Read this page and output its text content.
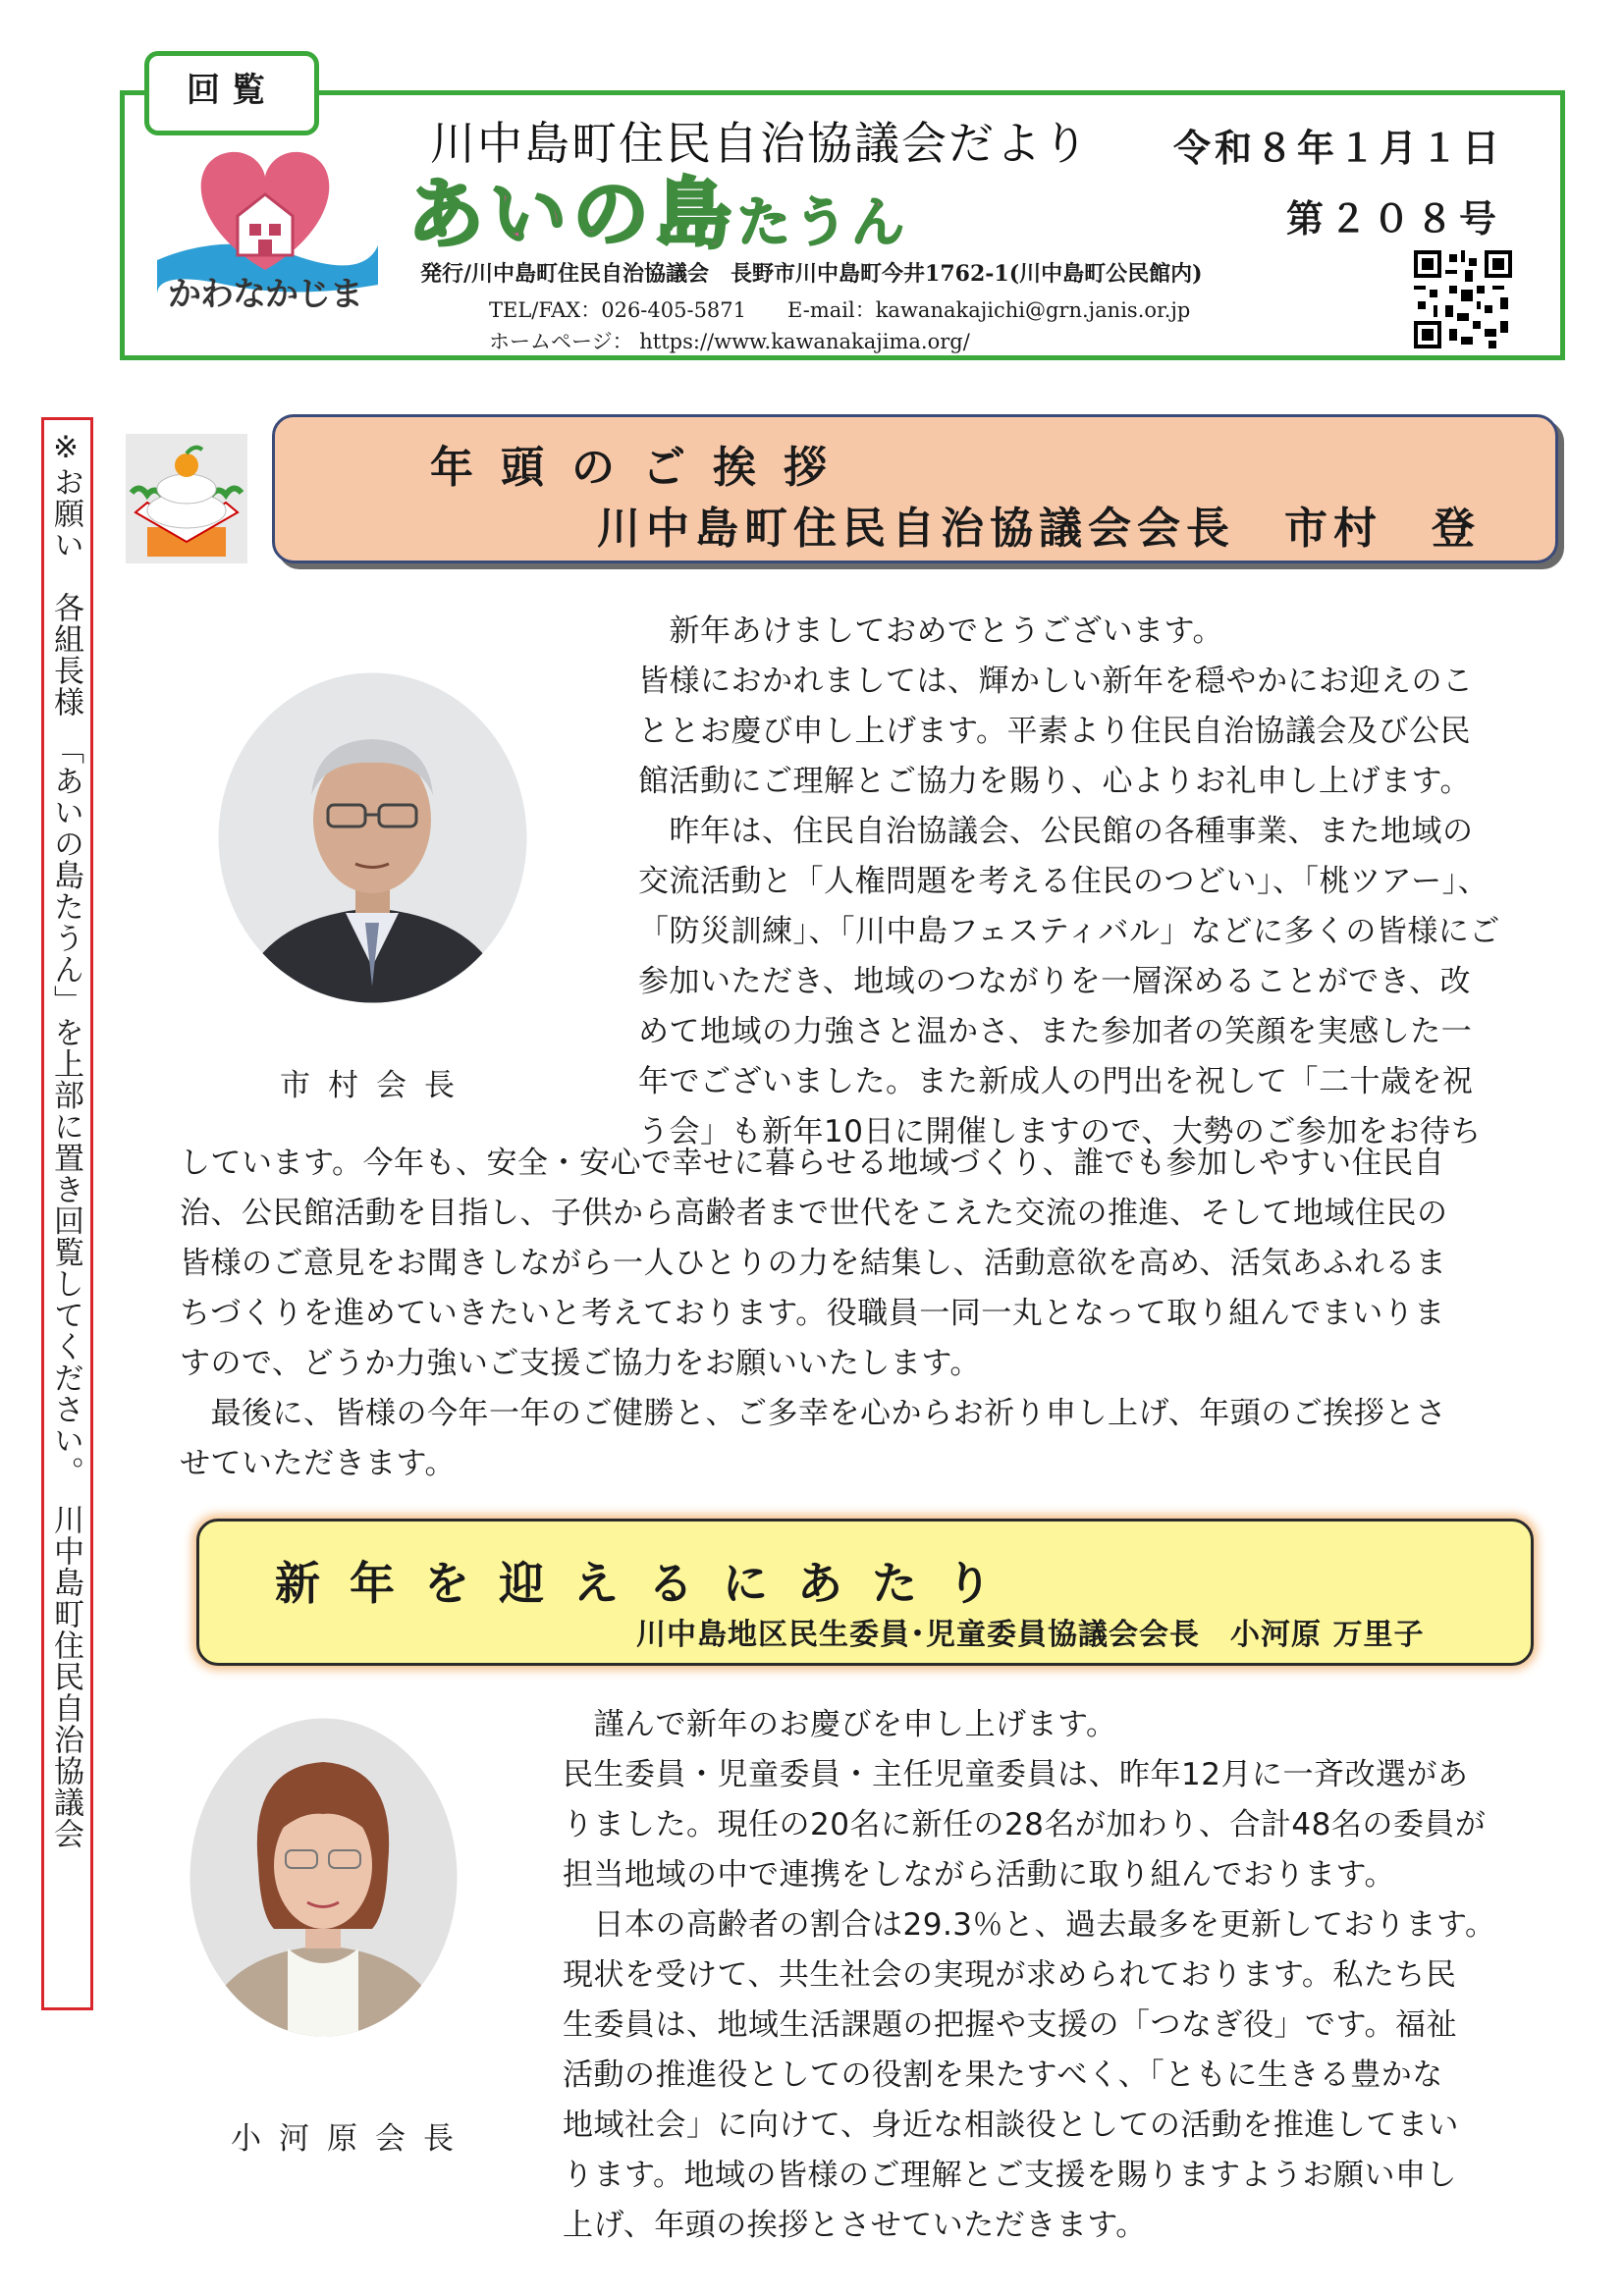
回覧
かわなかじま
川中島町住民自治協議会だより 令和８年１月１日
あいの島たうん	第２０８号
発行/川中島町住民自治協議会　長野市川中島町今井1762-1(川中島町公民館内)
TEL/FAX：026-405-5871　　E-mail：kawanakajichi@grn.janis.or.jp
ホームページ： https://www.kawanakajima.org/
※お願い　各組長様　「あいの島たうん」を上部に置き回覧してください。　川中島町住民自治協議会
年頭のご挨拶
川中島町住民自治協議会会長　市村　登
市村会長
　新年あけましておめでとうございます。
皆様におかれましては、輝かしい新年を穏やかにお迎えのこ
ととお慶び申し上げます。平素より住民自治協議会及び公民
館活動にご理解とご協力を賜り、心よりお礼申し上げます。
　昨年は、住民自治協議会、公民館の各種事業、また地域の
交流活動と「人権問題を考える住民のつどい」、「桃ツアー」、
「防災訓練」、「川中島フェスティバル」などに多くの皆様にご
参加いただき、地域のつながりを一層深めることができ、改
めて地域の力強さと温かさ、また参加者の笑顔を実感した一
年でございました。また新成人の門出を祝して「二十歳を祝
う会」も新年10日に開催しますので、大勢のご参加をお待ち
しています。今年も、安全・安心で幸せに暮らせる地域づくり、誰でも参加しやすい住民自
治、公民館活動を目指し、子供から高齢者まで世代をこえた交流の推進、そして地域住民の
皆様のご意見をお聞きしながら一人ひとりの力を結集し、活動意欲を高め、活気あふれるま
ちづくりを進めていきたいと考えております。役職員一同一丸となって取り組んでまいりま
すので、どうか力強いご支援ご協力をお願いいたします。
　最後に、皆様の今年一年のご健勝と、ご多幸を心からお祈り申し上げ、年頭のご挨拶とさ
せていただきます。
新年を迎えるにあたり
川中島地区民生委員･児童委員協議会会長　小河原 万里子
小河原会長
　謹んで新年のお慶びを申し上げます。
民生委員・児童委員・主任児童委員は、昨年12月に一斉改選があ
りました。現任の20名に新任の28名が加わり、合計48名の委員が
担当地域の中で連携をしながら活動に取り組んでおります。
　日本の高齢者の割合は29.3％と、過去最多を更新しております。
現状を受けて、共生社会の実現が求められております。私たち民
生委員は、地域生活課題の把握や支援の「つなぎ役」です。福祉
活動の推進役としての役割を果たすべく、「ともに生きる豊かな
地域社会」に向けて、身近な相談役としての活動を推進してまい
ります。地域の皆様のご理解とご支援を賜りますようお願い申し
上げ、年頭の挨拶とさせていただきます。
